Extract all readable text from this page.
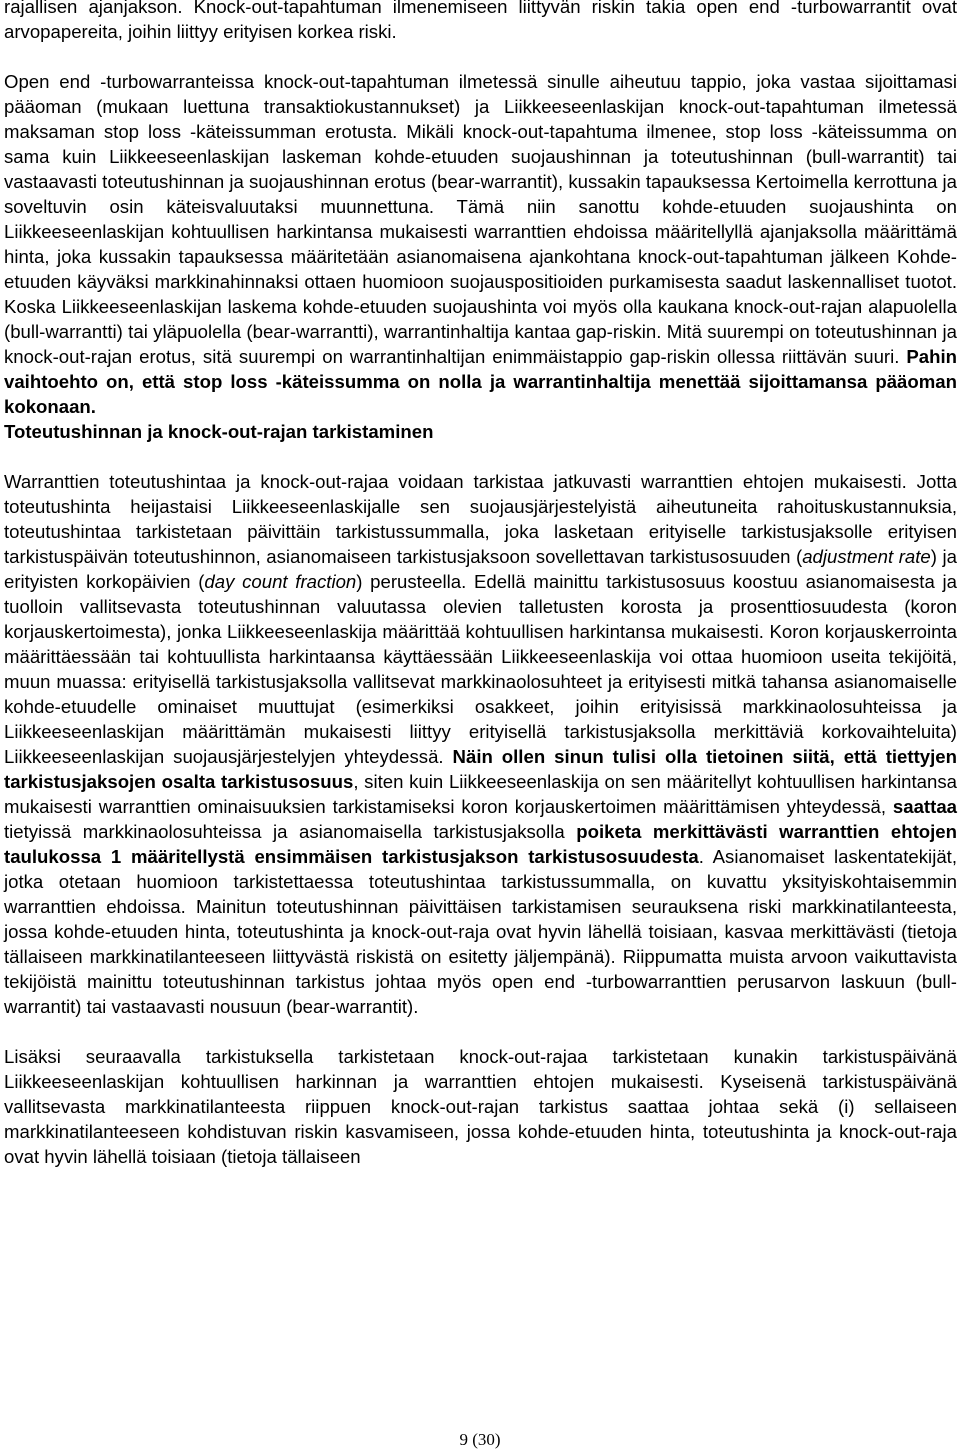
rajallisen ajanjakson. Knock-out-tapahtuman ilmenemiseen liittyvän riskin takia open end -turbowarrantit ovat arvopapereita, joihin liittyy erityisen korkea riski.

Open end -turbowarranteissa knock-out-tapahtuman ilmetessä sinulle aiheutuu tappio, joka vastaa sijoittamasi pääoman (mukaan luettuna transaktiokustannukset) ja Liikkeeseenlaskijan knock-out-tapahtuman ilmetessä maksaman stop loss -käteissumman erotusta. Mikäli knock-out-tapahtuma ilmenee, stop loss -käteissumma on sama kuin Liikkeeseenlaskijan laskeman kohde-etuuden suojaushinnan ja toteutushinnan (bull-warrantit) tai vastaavasti toteutushinnan ja suojaushinnan erotus (bear-warrantit), kussakin tapauksessa Kertoimella kerrottuna ja soveltuvin osin käteisvaluutaksi muunnettuna. Tämä niin sanottu kohde-etuuden suojaushinta on Liikkeeseenlaskijan kohtuullisen harkintansa mukaisesti warranttien ehdoissa määritellyllä ajanjaksolla määrittämä hinta, joka kussakin tapauksessa määritetään asianomaisena ajankohtana knock-out-tapahtuman jälkeen Kohde-etuuden käyväksi markkinahinnaksi ottaen huomioon suojauspositioiden purkamisesta saadut laskennalliset tuotot. Koska Liikkeeseenlaskijan laskema kohde-etuuden suojaushinta voi myös olla kaukana knock-out-rajan alapuolella (bull-warrantti) tai yläpuolella (bear-warrantti), warrantinhaltija kantaa gap-riskin. Mitä suurempi on toteutushinnan ja knock-out-rajan erotus, sitä suurempi on warrantinhaltijan enimmäistappio gap-riskin ollessa riittävän suuri. Pahin vaihtoehto on, että stop loss -käteissumma on nolla ja warrantinhaltija menettää sijoittamansa pääoman kokonaan.

Toteutushinnan ja knock-out-rajan tarkistaminen

Warranttien toteutushintaa ja knock-out-rajaa voidaan tarkistaa jatkuvasti warranttien ehtojen mukaisesti. Jotta toteutushinta heijastaisi Liikkeeseenlaskijalle sen suojausjärjestelyistä aiheutuneita rahoituskustannuksia, toteutushintaa tarkistetaan päivittäin tarkistussummalla, joka lasketaan erityiselle tarkistusjaksolle erityisen tarkistuspäivän toteutushinnon, asianomaiseen tarkistusjaksoon sovellettavan tarkistusosuuden (adjustment rate) ja erityisten korkopäivien (day count fraction) perusteella. Edellä mainittu tarkistusosuus koostuu asianomaisesta ja tuolloin vallitsevasta toteutushinnan valuutassa olevien talletusten korosta ja prosenttiosuudesta (koron korjauskertoimesta), jonka Liikkeeseenlaskija määrittää kohtuullisen harkintansa mukaisesti. Koron korjauskerrointa määrittäessään tai kohtuullista harkintaansa käyttäessään Liikkeeseenlaskija voi ottaa huomioon useita tekijöitä, muun muassa: erityisellä tarkistusjaksolla vallitsevat markkinaolosuhteet ja erityisesti mitkä tahansa asianomaiselle kohde-etuudelle ominaiset muuttujat (esimerkiksi osakkeet, joihin erityisissä markkinaolosuhteissa ja Liikkeeseenlaskijan määrittämän mukaisesti liittyy erityisellä tarkistusjaksolla merkittäviä korkovaihteluita) Liikkeeseenlaskijan suojausjärjestelyjen yhteydessä. Näin ollen sinun tulisi olla tietoinen siitä, että tiettyjen tarkistusjaksojen osalta tarkistusosuus, siten kuin Liikkeeseenlaskija on sen määritellyt kohtuullisen harkintansa mukaisesti warranttien ominaisuuksien tarkistamiseksi koron korjauskertoimen määrittämisen yhteydessä, saattaa tietyissä markkinaolosuhteissa ja asianomaisella tarkistusjaksolla poiketa merkittävästi warranttien ehtojen taulukossa 1 määritellystä ensimmäisen tarkistusjakson tarkistusosuudesta. Asianomaiset laskentatekijät, jotka otetaan huomioon tarkistettaessa toteutushintaa tarkistussummalla, on kuvattu yksityiskohtaisemmin warranttien ehdoissa. Mainitun toteutushinnan päivittäisen tarkistamisen seurauksena riski markkinatilanteesta, jossa kohde-etuuden hinta, toteutushinta ja knock-out-raja ovat hyvin lähellä toisiaan, kasvaa merkittävästi (tietoja tällaiseen markkinatilanteeseen liittyvästä riskistä on esitetty jäljempänä). Riippumatta muista arvoon vaikuttavista tekijöistä mainittu toteutushinnan tarkistus johtaa myös open end -turbowarranttien perusarvon laskuun (bull-warrantit) tai vastaavasti nousuun (bear-warrantit).

Lisäksi seuraavalla tarkistuksella tarkistetaan knock-out-rajaa tarkistetaan kunakin tarkistuspäivänä Liikkeeseenlaskijan kohtuullisen harkinnan ja warranttien ehtojen mukaisesti. Kyseisenä tarkistuspäivänä vallitsevasta markkinatilanteesta riippuen knock-out-rajan tarkistus saattaa johtaa sekä (i) sellaiseen markkinatilanteeseen kohdistuvan riskin kasvamiseen, jossa kohde-etuuden hinta, toteutushinta ja knock-out-raja ovat hyvin lähellä toisiaan (tietoja tällaiseen

9 (30)
